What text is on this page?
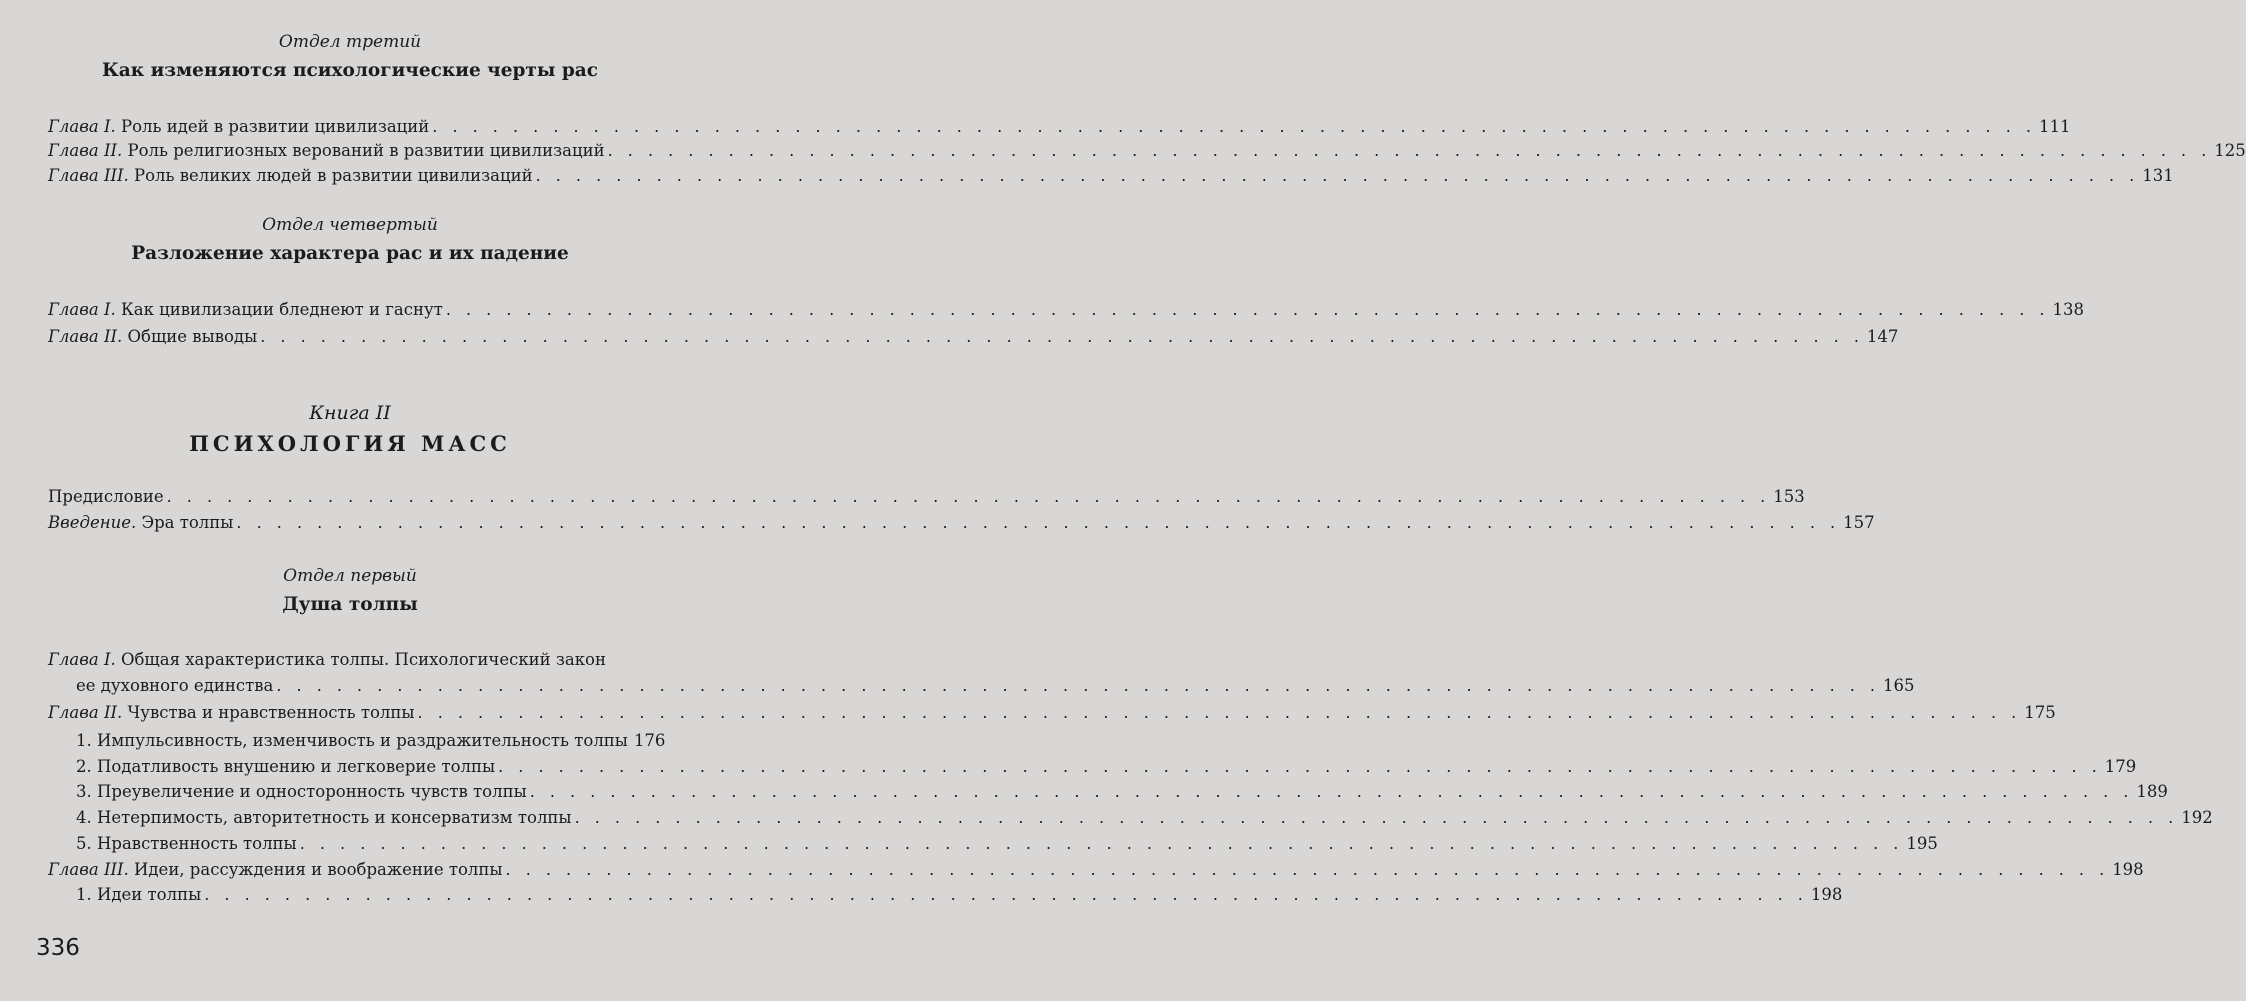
Отдел третий
Как изменяются психологические черты рас
Глава I. Роль идей в развитии цивилизаций . . .	111
Глава II. Роль религиозных верований в развитии цивилизаций . . .	125
Глава III. Роль великих людей в развитии цивилизаций . . .	131
Отдел четвертый
Разложение характера рас и их падение
Глава I. Как цивилизации бледнеют и гаснут . . .	138
Глава II. Общие выводы . . .	147
Книга II
ПСИХОЛОГИЯ МАСС
Предисловие . . .	153
Введение. Эра толпы . . .	157
Отдел первый
Душа толпы
Глава I. Общая характеристика толпы. Психологический закон
ее духовного единства . . .	165
Глава II. Чувства и нравственность толпы . . .	175
1. Импульсивность, изменчивость и раздражительность толпы 176
2. Податливость внушению и легковерие толпы . . .	179
3. Преувеличение и односторонность чувств толпы . . .	189
4. Нетерпимость, авторитетность и консерватизм толпы . . .	192
5. Нравственность толпы . . .	195
Глава III. Идеи, рассуждения и воображение толпы . . .	198
1. Идеи толпы . . .	198
336
